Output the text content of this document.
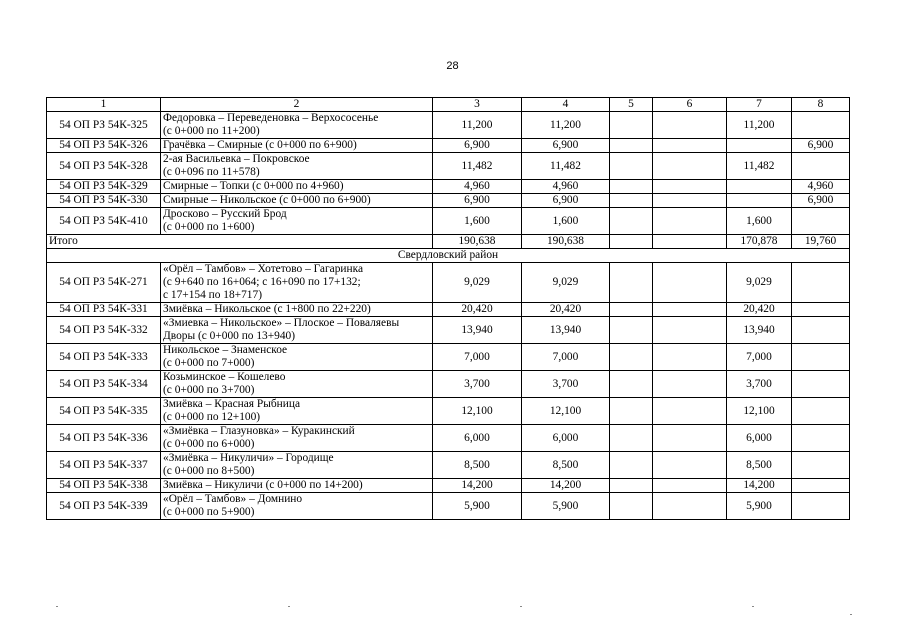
28
1	2	3	4	5	6	7	8
54 ОП РЗ 54К-325	Федоровка – Переведеновка – Верхососенье
(с 0+000 по 11+200)	11,200	11,200			11,200	
54 ОП РЗ 54К-326	Грачёвка – Смирные (с 0+000 по 6+900)	6,900	6,900				6,900
54 ОП РЗ 54К-328	2-ая Васильевка – Покровское
(с 0+096 по 11+578)	11,482	11,482			11,482	
54 ОП РЗ 54К-329	Смирные – Топки (с 0+000 по 4+960)	4,960	4,960				4,960
54 ОП РЗ 54К-330	Смирные – Никольское (с 0+000 по 6+900)	6,900	6,900				6,900
54 ОП РЗ 54К-410	Дросково – Русский Брод
(с 0+000 по 1+600)	1,600	1,600			1,600	
Итого		190,638	190,638			170,878	19,760
Свердловский район							
54 ОП РЗ 54К-271	«Орёл – Тамбов» – Хотетово – Гагаринка
(с 9+640 по 16+064; с 16+090 по 17+132;
с 17+154 по 18+717)	9,029	9,029			9,029	
54 ОП РЗ 54К-331	Змиёвка – Никольское (с 1+800 по 22+220)	20,420	20,420			20,420	
54 ОП РЗ 54К-332	«Змиевка – Никольское» – Плоское – Поваляевы
Дворы (с 0+000 по 13+940)	13,940	13,940			13,940	
54 ОП РЗ 54К-333	Никольское – Знаменское
(с 0+000 по 7+000)	7,000	7,000			7,000	
54 ОП РЗ 54К-334	Козьминское – Кошелево
(с 0+000 по 3+700)	3,700	3,700			3,700	
54 ОП РЗ 54К-335	Змиёвка – Красная Рыбница
(с 0+000 по 12+100)	12,100	12,100			12,100	
54 ОП РЗ 54К-336	«Змиёвка – Глазуновка» – Куракинский
(с 0+000 по 6+000)	6,000	6,000			6,000	
54 ОП РЗ 54К-337	«Змиёвка – Никуличи» – Городище
(с 0+000 по 8+500)	8,500	8,500			8,500	
54 ОП РЗ 54К-338	Змиёвка – Никуличи (с 0+000 по 14+200)	14,200	14,200			14,200	
54 ОП РЗ 54К-339	«Орёл – Тамбов» – Домнино
(с 0+000 по 5+900)	5,900	5,900			5,900	
